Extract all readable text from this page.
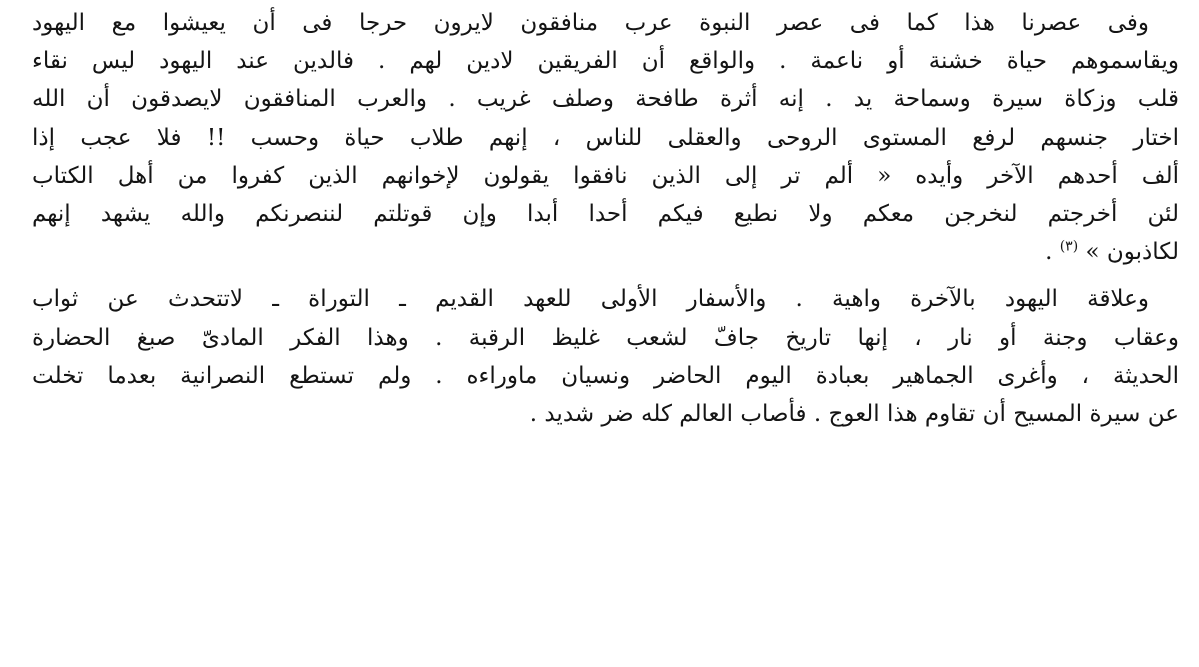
وفى عصرنا هذا كما فى عصر النبوة عرب منافقون لايرون حرجا فى أن يعيشوا مع اليهود
ويقاسموهم حياة خشنة أو ناعمة . والواقع أن الفريقين لادين لهم . فالدين عند اليهود ليس نقاء
قلب وزكاة سيرة وسماحة يد . إنه أثرة طافحة وصلف غريب . والعرب المنافقون لايصدقون أن الله
اختار جنسهم لرفع المستوى الروحى والعقلى للناس ، إنهم طلاب حياة وحسب !! فلا عجب إذا
ألف أحدهم الآخر وأيده « ألم تر إلى الذين نافقوا يقولون لإخوانهم الذين كفروا من أهل الكتاب
لئن أخرجتم لنخرجن معكم ولا نطيع فيكم أحدا أبدا وإن قوتلتم لننصرنكم والله يشهد إنهم
لكاذبون » $^{(٣)}$ .

وعلاقة اليهود بالآخرة واهية . والأسفار الأولى للعهد القديم ـ التوراة ـ لاتتحدث عن ثواب
وعقاب وجنة أو نار ، إنها تاريخ جافّ لشعب غليظ الرقبة . وهذا الفكر المادىّ صبغ الحضارة
الحديثة ، وأغرى الجماهير بعبادة اليوم الحاضر ونسيان ماوراءه . ولم تستطع النصرانية بعدما تخلت
عن سيرة المسيح أن تقاوم هذا العوج . فأصاب العالم كله ضر شديد .
